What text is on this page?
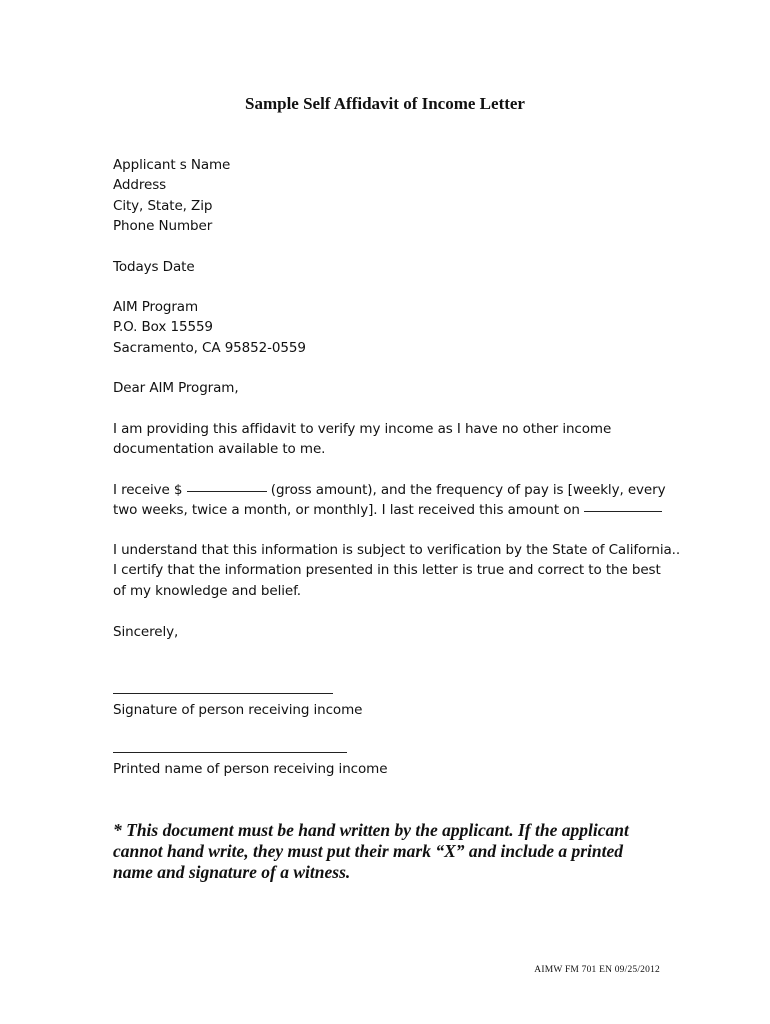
Sample Self Affidavit of Income Letter
Applicant s Name
Address
City, State, Zip
Phone Number
Todays Date
AIM Program
P.O. Box 15559
Sacramento, CA 95852-0559
Dear AIM Program,
I am providing this affidavit to verify my income as I have no other income
documentation available to me.
I receive $	(gross amount), and the frequency of pay is [weekly, every
two weeks, twice a month, or monthly]. I last received this amount on
I understand that this information is subject to verification by the State of California..
I certify that the information presented in this letter is true and correct to the best
of my knowledge and belief.
Sincerely,
Signature of person receiving income
Printed name of person receiving income
* This document must be hand written by the applicant. If the applicant
cannot hand write, they must put their mark “X” and include a printed
name and signature of a witness.
AIMW FM 701 EN 09/25/2012
